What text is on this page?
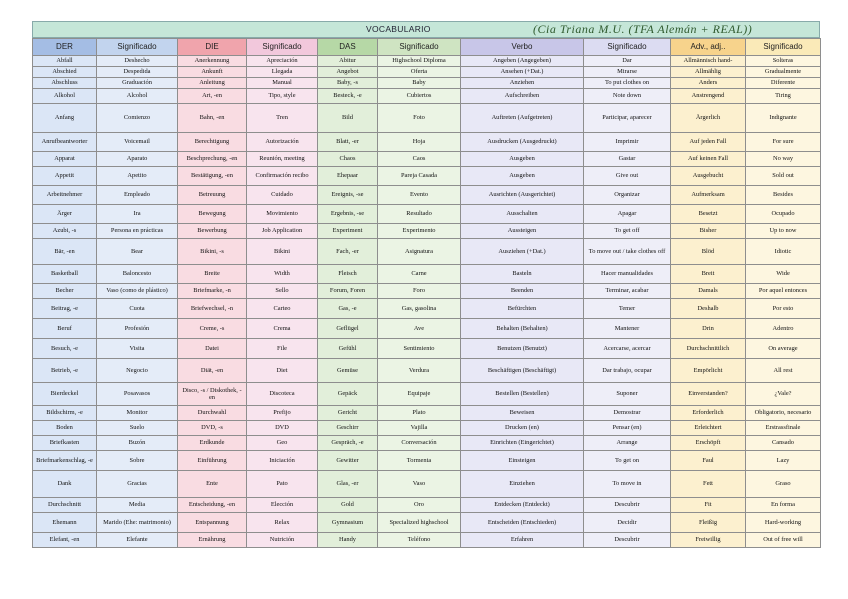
VOCABULARIO	(Cia Triana M.U. (TFA Alemán + REAL))
DER	Significado	DIE	Significado	DAS	Significado	Verbo	Significado	Adv., adj..	Significado
Abfall	Deshecho	Anerkennung	Apreciación	Abitur	Highschool Diploma	Angeben (Angegeben)	Dar	Allmännisch hand-	Solteras
Abschied	Despedida	Ankunft	Llegada	Angebot	Oferta	Ansehen (+Dat.)	Mirarse	Allmählig	Gradualmente
Abschluss	Graduación	Anleitung	Manual	Baby, -s	Baby	Anziehen	To put clothes on	Anders	Diferente
Alkohol	Alcohol	Art, -en	Tipo, style	Besteck, -e	Cubiertos	Aufschreiben	Note down	Anstrengend	Tiring
Anfang	Comienzo	Bahn, -en	Tren	Bild	Foto	Auftreten (Aufgetreten)	Participar, aparecer	Ärgerlich	Indignante
Anrufbeantworter	Voicemail	Berechtigung	Autorización	Blatt, -er	Hoja	Ausdrucken (Ausgedruckt)	Imprimir	Auf jeden Fall	For sure
Apparat	Aparato	Beschprechung, -en	Reunión, meeting	Chaos	Caos	Ausgeben	Gastar	Auf keinen Fall	No way
Appetit	Apetito	Bestätigung, -en	Confirmación recibo	Ehepaar	Pareja Casada	Ausgeben	Give out	Ausgebucht	Sold out
Arbeitnehmer	Empleado	Betreuung	Cuidado	Ereignis, -se	Evento	Ausrichten (Ausgerichtet)	Organizar	Aufmerksam	Besides
Ärger	Ira	Bewegung	Movimiento	Ergebnis, -se	Resultado	Ausschalten	Apagar	Besetzt	Ocupado
Azubi, -s	Persona en prácticas	Bewerbung	Job Application	Experiment	Experimento	Aussteigen	To get off	Bisher	Up to now
Bär, -en	Bear	Bikini, -s	Bikini	Fach, -er	Asignatura	Ausziehen (+Dat.)	To move out / take clothes off	Blöd	Idiotic
Basketball	Baloncesto	Breite	Width	Fleisch	Carne	Basteln	Hacer manualidades	Breit	Wide
Becher	Vaso (como de plástico)	Briefmarke, -n	Sello	Forum, Foren	Foro	Beenden	Terminar, acabar	Damals	Por aquel entonces
Beitrag, -e	Cuota	Briefwechsel, -n	Carteo	Gas, -e	Gas, gasolina	Befürchten	Temer	Deshalb	Por esto
Beruf	Profesión	Creme, -s	Crema	Geflügel	Ave	Behalten (Behalten)	Mantener	Drin	Adentro
Besuch, -e	Visita	Datei	File	Gefühl	Sentimiento	Benutzen (Benutzt)	Acercarse, acercar	Durchschnittlich	On average
Betrieb, -e	Negocio	Diät, -en	Diet	Gemüse	Verdura	Beschäftigen (Beschäftigt)	Dar trabajo, ocupar	Empörlicht	All rest
Bierdeckel	Posavasos	Disco, -s / Diskothek, -en	Discoteca	Gepäck	Equipaje	Bestellen (Bestellen)	Suponer	Einverstanden?	¿Vale?
Bildschirm, -e	Monitor	Durchwahl	Prefijo	Gericht	Plato	Beweisen	Demostrar	Erforderlich	Obligatorio, necesario
Boden	Suelo	DVD, -s	DVD	Geschirr	Vajilla	Drucken (en)	Pensar (en)	Erleichtert	Erstrassfinale
Briefkasten	Buzón	Erdkunde	Geo	Gespräch, -e	Conversación	Einrichten (Eingerichtet)	Arrange	Erschöpft	Cansado
Briefmarkenschlag, -e	Sobre	Einführung	Iniciación	Gewitter	Tormenta	Einsteigen	To get on	Faul	Lazy
Dank	Gracias	Ente	Pato	Glas, -er	Vaso	Einziehen	To move in	Fett	Graso
Durchschnitt	Media	Entscheidung, -en	Elección	Gold	Oro	Entdecken (Entdeckt)	Descubrir	Fit	En forma
Ehemann	Marido (Ehe: matrimonio)	Entspannung	Relax	Gymnasium	Specialized highschool	Entscheiden (Entschieden)	Decidir	Fleißig	Hard-working
Elefant, -en	Elefante	Ernährung	Nutrición	Handy	Teléfono	Erfahren	Descubrir	Freiwillig	Out of free will
